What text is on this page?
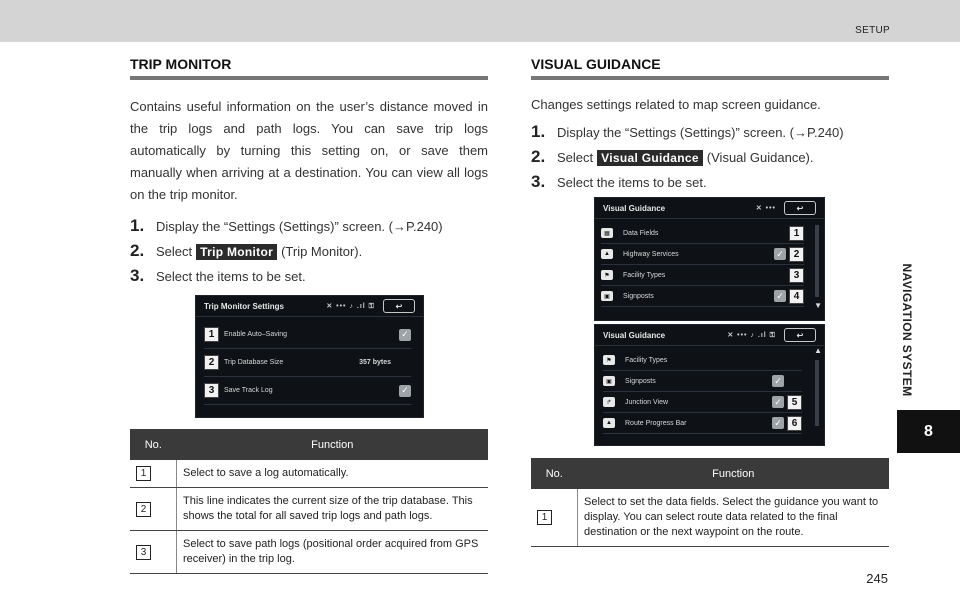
SETUP
NAVIGATION SYSTEM
8
TRIP MONITOR
Contains useful information on the user’s distance moved in the trip logs and path logs. You can save trip logs automatically by turning this setting on, or save them manually when arriving at a destination. You can view all logs on the trip monitor.
1. Display the “Settings (Settings)” screen. (→P.240)
2. Select Trip Monitor (Trip Monitor).
3. Select the items to be set.
Trip Monitor Settings	✕ ••• ♪ .ıl ⚿	↩
1	Enable Auto–Saving	✓
2	Trip Database Size	357 bytes
3	Save Track Log	✓
No.	Function

1	Select to save a log automatically.

2	This line indicates the current size of the trip database. This shows the total for all saved trip logs and path logs.

3	Select to save path logs (positional order acquired from GPS receiver) in the trip log.
VISUAL GUIDANCE
Changes settings related to map screen guidance.
1. Display the “Settings (Settings)” screen. (→P.240)
2. Select Visual Guidance (Visual Guidance).
3. Select the items to be set.
Visual Guidance	✕ •••	↩
▦	Data Fields	1
▲	Highway Services	✓ 2
⚑	Facility Types	3
▣	Signposts	✓ 4
▼
Visual Guidance	✕ ••• ♪ .ıl ⚿	↩
⚑	Facility Types
▣	Signposts	✓
↱	Junction View	✓ 5
▲	Route Progress Bar	✓ 6
▲
No.	Function

1	Select to set the data fields. Select the guidance you want to display. You can select route data related to the final destination or the next waypoint on the route.
245
